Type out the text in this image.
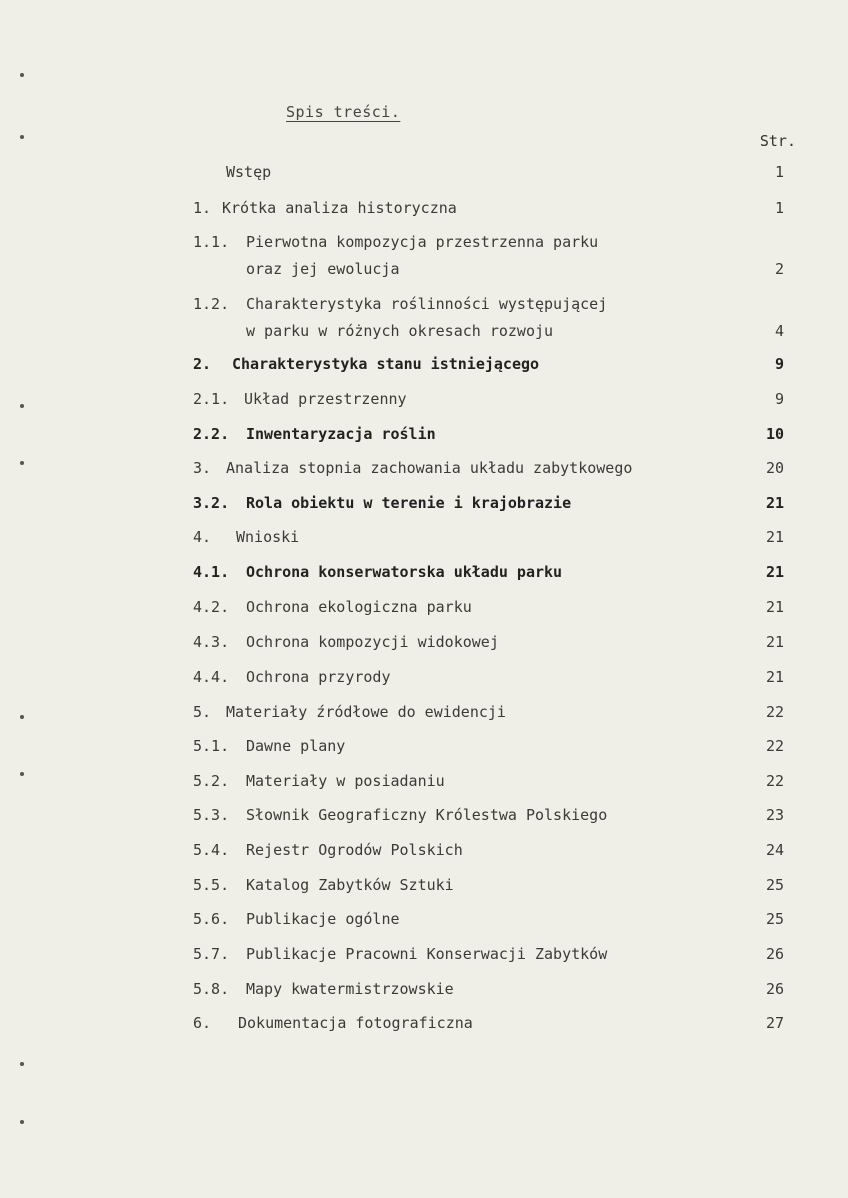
Spis treści.
Str.
Wstęp	1
1. Krótka analiza historyczna	1
1.1. Pierwotna kompozycja przestrzenna parku
oraz jej ewolucja	2
1.2. Charakterystyka roślinności występującej
w parku w różnych okresach rozwoju	4
2. Charakterystyka stanu istniejącego	9
2.1. Układ przestrzenny	9
2.2. Inwentaryzacja roślin	10
3. Analiza stopnia zachowania układu zabytkowego	20
3.2. Rola obiektu w terenie i krajobrazie	21
4. Wnioski	21
4.1. Ochrona konserwatorska układu parku	21
4.2. Ochrona ekologiczna parku	21
4.3. Ochrona kompozycji widokowej	21
4.4. Ochrona przyrody	21
5. Materiały źródłowe do ewidencji	22
5.1. Dawne plany	22
5.2. Materiały w posiadaniu	22
5.3. Słownik Geograficzny Królestwa Polskiego	23
5.4. Rejestr Ogrodów Polskich	24
5.5. Katalog Zabytków Sztuki	25
5.6. Publikacje ogólne	25
5.7. Publikacje Pracowni Konserwacji Zabytków	26
5.8. Mapy kwatermistrzowskie	26
6. Dokumentacja fotograficzna	27
